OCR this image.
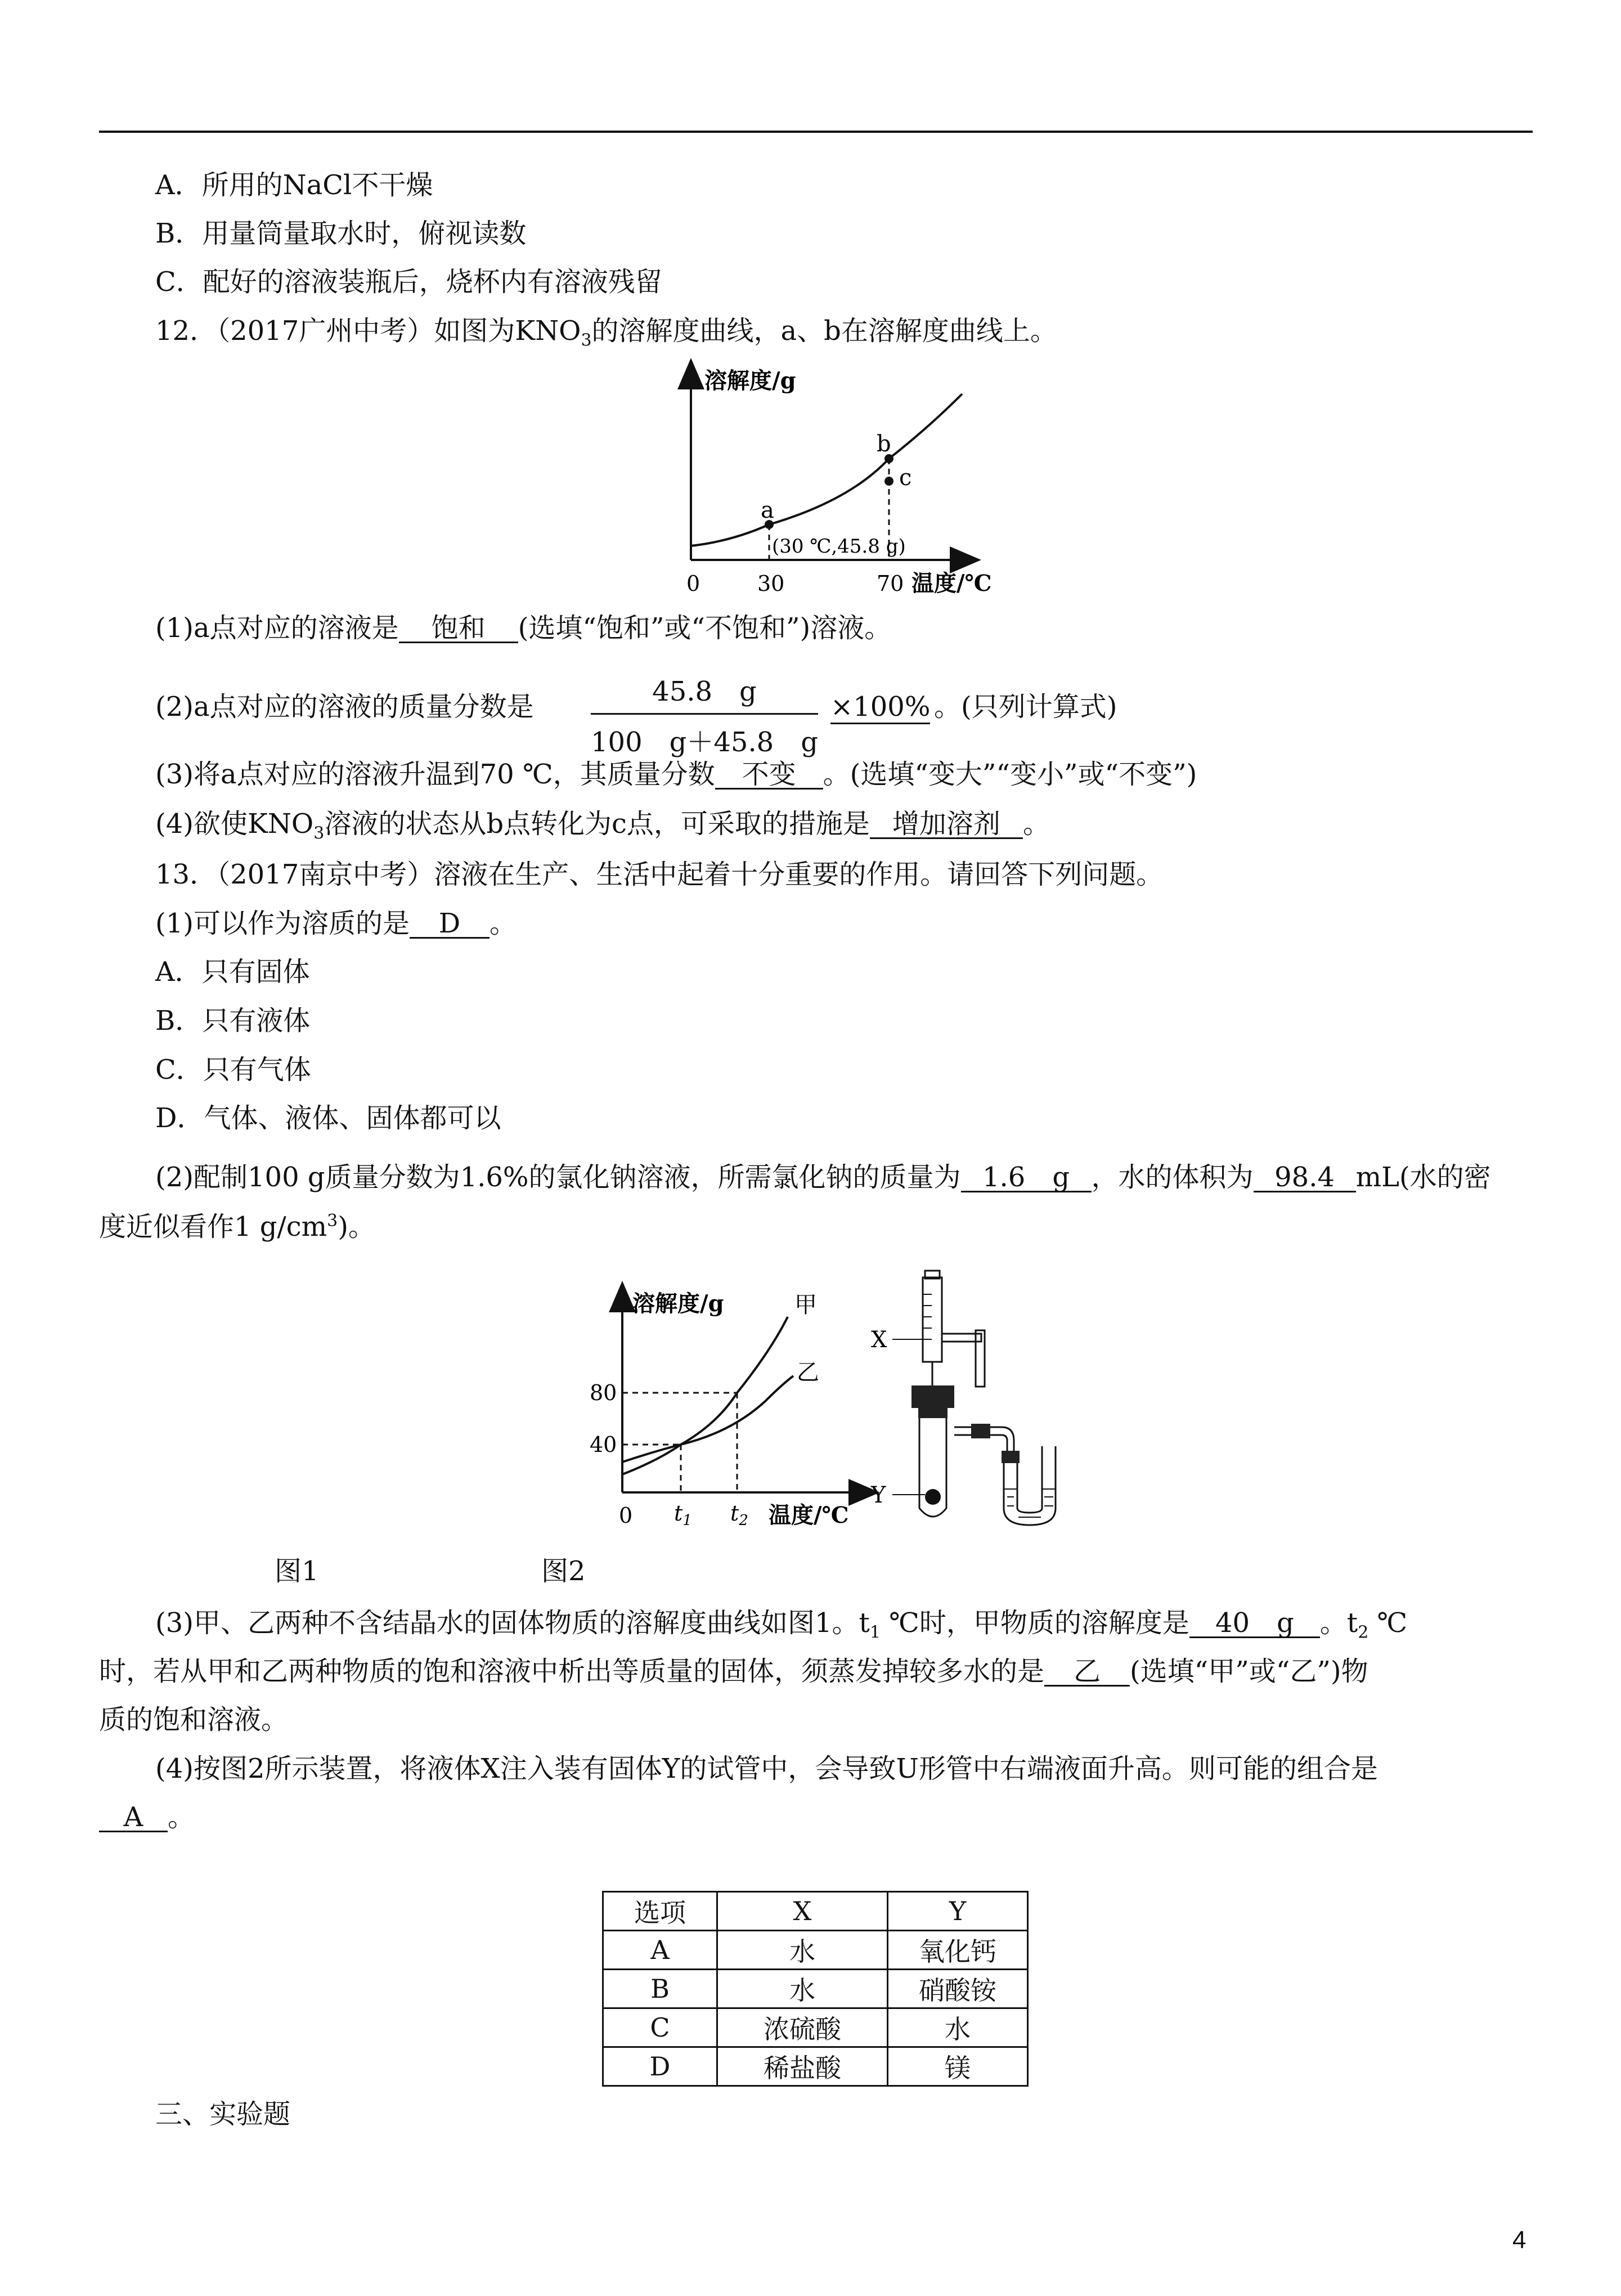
A．所用的NaCl不干燥
B．用量筒量取水时，俯视读数
C．配好的溶液装瓶后，烧杯内有溶液残留
12．（2017广州中考）如图为$KNO_3$的溶解度曲线，a、b在溶解度曲线上。
溶解度/g
a
b
c
(30 ℃,45.8 g)
0	30	70 温度/℃
(1)a点对应的溶液是 饱和 (选填“饱和”或“不饱和”)溶液。
(2)a点对应的溶液的质量分数是	45.8　g
100　g＋45.8　g
×100% 。(只列计算式)
(3)将a点对应的溶液升温到70 ℃，其质量分数 不变 。(选填“变大”“变小”或“不变”)
(4)欲使$KNO_3$溶液的状态从b点转化为c点，可采取的措施是 增加溶剂 。
13．（2017南京中考）溶液在生产、生活中起着十分重要的作用。请回答下列问题。
(1)可以作为溶质的是 D 。
A．只有固体
B．只有液体
C．只有气体
D．气体、液体、固体都可以
(2)配制100 g质量分数为1.6%的氯化钠溶液，所需氯化钠的质量为 1.6　g ，水的体积为 98.4 mL(水的密
度近似看作1 $g/cm^3$)。
溶解度/g	甲
乙
80
40
0 $t_1$ $t_2$ 温度/℃
X
Y
图1	图2
(3)甲、乙两种不含结晶水的固体物质的溶解度曲线如图1。$t_1$ ℃时，甲物质的溶解度是 40　g 。$t_2$ ℃
时，若从甲和乙两种物质的饱和溶液中析出等质量的固体，须蒸发掉较多水的是 乙 (选填“甲”或“乙”)物
质的饱和溶液。
(4)按图2所示装置，将液体X注入装有固体Y的试管中，会导致U形管中右端液面升高。则可能的组合是
A 。
选项	X	Y
A	水	氧化钙
B	水	硝酸铵
C	浓硫酸	水
D	稀盐酸	镁
三、实验题
4
